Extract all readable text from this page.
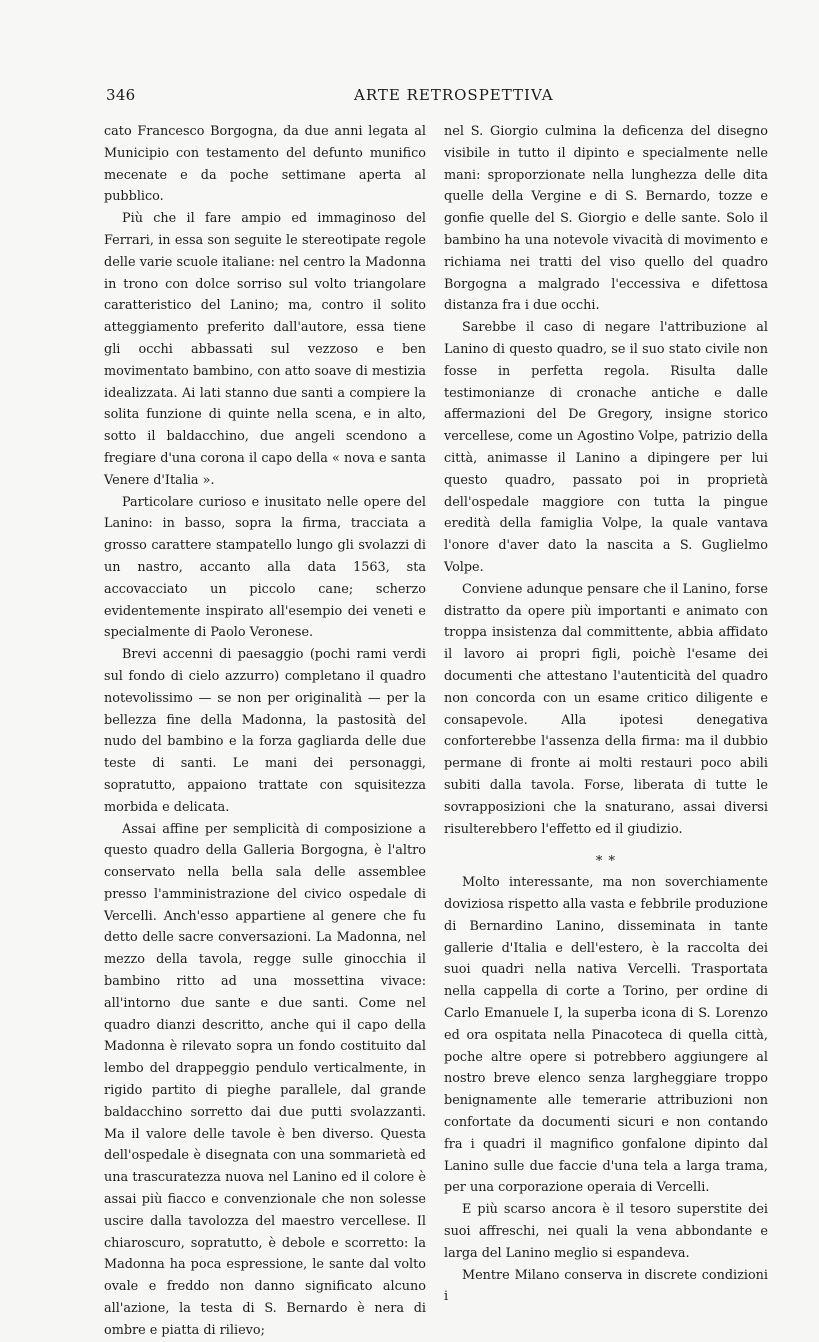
346	ARTE RETROSPETTIVA

cato Francesco Borgogna, da due anni legata al Municipio con testamento del defunto munifico mecenate e da poche settimane aperta al pubblico.

Più che il fare ampio ed immaginoso del Ferrari, in essa son seguite le stereotipate regole delle varie scuole italiane: nel centro la Madonna in trono con dolce sorriso sul volto triangolare caratteristico del Lanino; ma, contro il solito atteggiamento preferito dall'autore, essa tiene gli occhi abbassati sul vezzoso e ben movimentato bambino, con atto soave di mestizia idealizzata. Ai lati stanno due santi a compiere la solita funzione di quinte nella scena, e in alto, sotto il baldacchino, due angeli scendono a fregiare d'una corona il capo della « nova e santa Venere d'Italia ».

Particolare curioso e inusitato nelle opere del Lanino: in basso, sopra la firma, tracciata a grosso carattere stampatello lungo gli svolazzi di un nastro, accanto alla data 1563, sta accovacciato un piccolo cane; scherzo evidentemente inspirato all'esempio dei veneti e specialmente di Paolo Veronese.

Brevi accenni di paesaggio (pochi rami verdi sul fondo di cielo azzurro) completano il quadro notevolissimo — se non per originalità — per la bellezza fine della Madonna, la pastosità del nudo del bambino e la forza gagliarda delle due teste di santi. Le mani dei personaggi, sopratutto, appaiono trattate con squisitezza morbida e delicata.

Assai affine per semplicità di composizione a questo quadro della Galleria Borgogna, è l'altro conservato nella bella sala delle assemblee presso l'amministrazione del civico ospedale di Vercelli. Anch'esso appartiene al genere che fu detto delle sacre conversazioni. La Madonna, nel mezzo della tavola, regge sulle ginocchia il bambino ritto ad una mossettina vivace: all'intorno due sante e due santi. Come nel quadro dianzi descritto, anche qui il capo della Madonna è rilevato sopra un fondo costituito dal lembo del drappeggio pendulo verticalmente, in rigido partito di pieghe parallele, dal grande baldacchino sorretto dai due putti svolazzanti. Ma il valore delle tavole è ben diverso. Questa dell'ospedale è disegnata con una sommarietà ed una trascuratezza nuova nel Lanino ed il colore è assai più fiacco e convenzionale che non solesse uscire dalla tavolozza del maestro vercellese. Il chiaroscuro, sopratutto, è debole e scorretto: la Madonna ha poca espressione, le sante dal volto ovale e freddo non danno significato alcuno all'azione, la testa di S. Bernardo è nera di ombre e piatta di rilievo;

nel S. Giorgio culmina la deficenza del disegno visibile in tutto il dipinto e specialmente nelle mani: sproporzionate nella lunghezza delle dita quelle della Vergine e di S. Bernardo, tozze e gonfie quelle del S. Giorgio e delle sante. Solo il bambino ha una notevole vivacità di movimento e richiama nei tratti del viso quello del quadro Borgogna a malgrado l'eccessiva e difettosa distanza fra i due occhi.

Sarebbe il caso di negare l'attribuzione al Lanino di questo quadro, se il suo stato civile non fosse in perfetta regola. Risulta dalle testimonianze di cronache antiche e dalle affermazioni del De Gregory, insigne storico vercellese, come un Agostino Volpe, patrizio della città, animasse il Lanino a dipingere per lui questo quadro, passato poi in proprietà dell'ospedale maggiore con tutta la pingue eredità della famiglia Volpe, la quale vantava l'onore d'aver dato la nascita a S. Guglielmo Volpe.

Conviene adunque pensare che il Lanino, forse distratto da opere più importanti e animato con troppa insistenza dal committente, abbia affidato il lavoro ai propri figli, poichè l'esame dei documenti che attestano l'autenticità del quadro non concorda con un esame critico diligente e consapevole. Alla ipotesi denegativa conforterebbe l'assenza della firma: ma il dubbio permane di fronte ai molti restauri poco abili subiti dalla tavola. Forse, liberata di tutte le sovrapposizioni che la snaturano, assai diversi risulterebbero l'effetto ed il giudizio.

* *

Molto interessante, ma non soverchiamente doviziosa rispetto alla vasta e febbrile produzione di Bernardino Lanino, disseminata in tante gallerie d'Italia e dell'estero, è la raccolta dei suoi quadri nella nativa Vercelli. Trasportata nella cappella di corte a Torino, per ordine di Carlo Emanuele I, la superba icona di S. Lorenzo ed ora ospitata nella Pinacoteca di quella città, poche altre opere si potrebbero aggiungere al nostro breve elenco senza largheggiare troppo benignamente alle temerarie attribuzioni non confortate da documenti sicuri e non contando fra i quadri il magnifico gonfalone dipinto dal Lanino sulle due faccie d'una tela a larga trama, per una corporazione operaia di Vercelli.

E più scarso ancora è il tesoro superstite dei suoi affreschi, nei quali la vena abbondante e larga del Lanino meglio si espandeva.

Mentre Milano conserva in discrete condizioni i
